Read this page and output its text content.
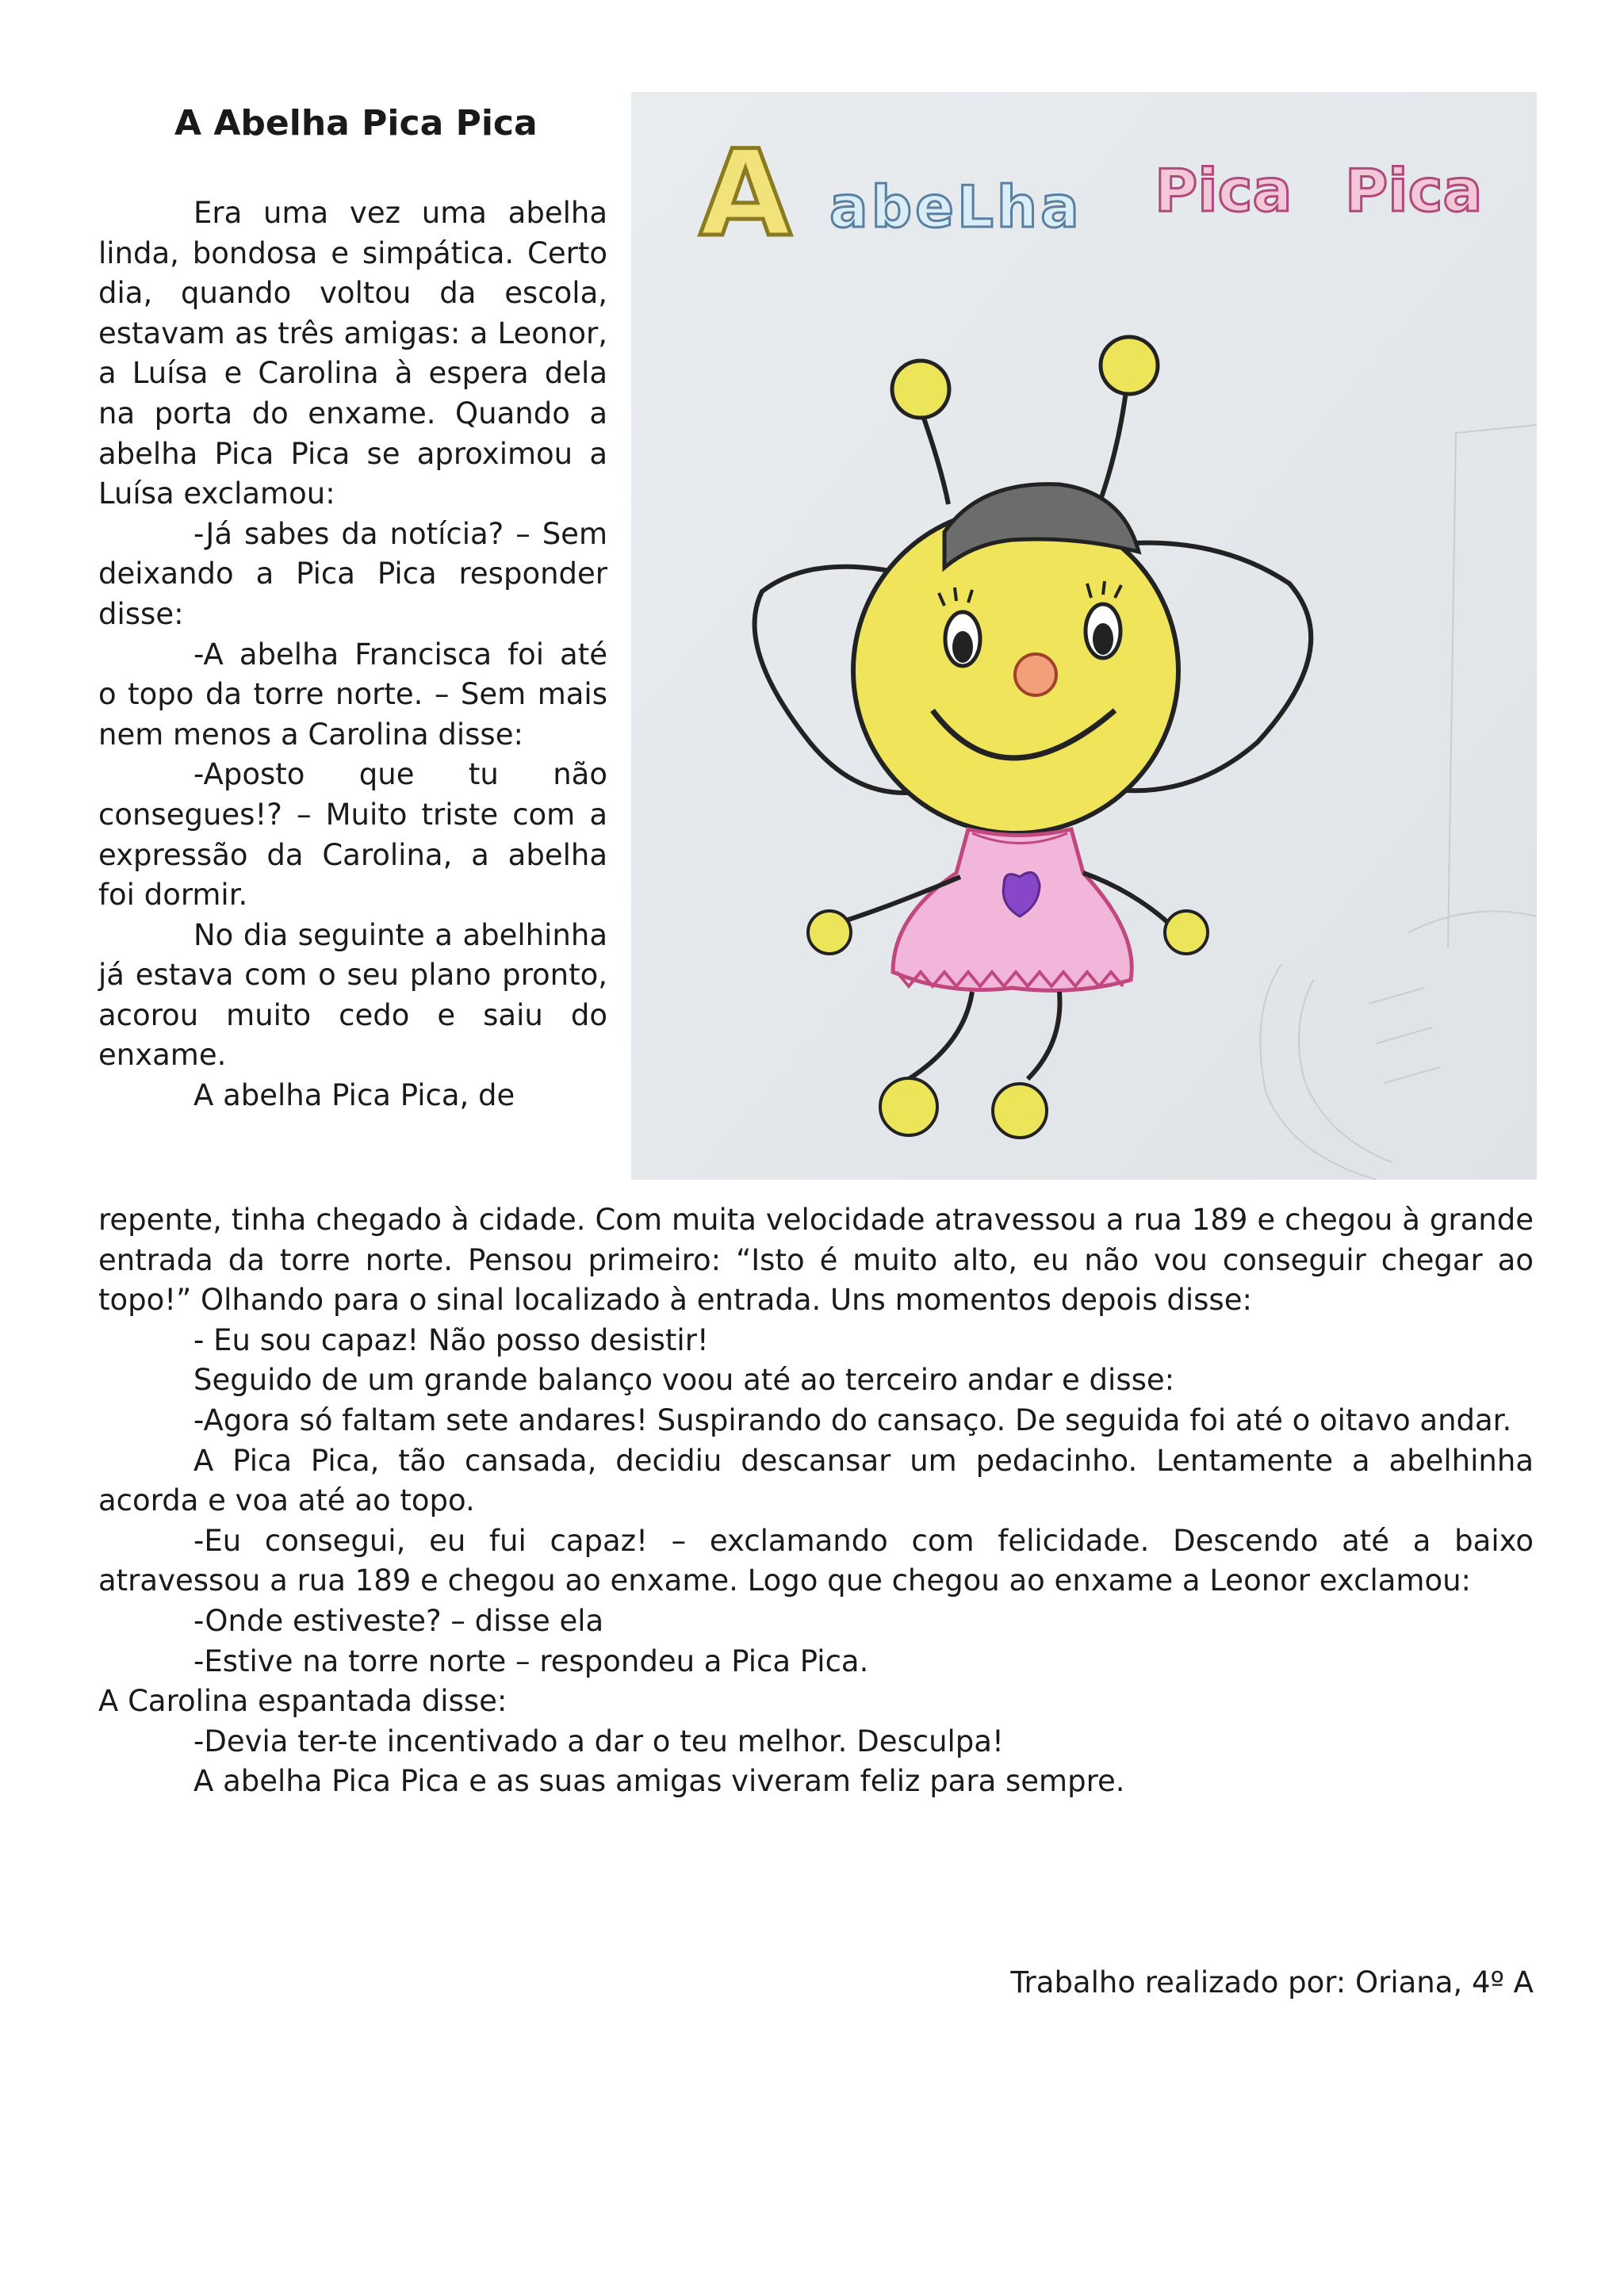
A Abelha Pica Pica
A abeLha Pica Pica

Era uma vez uma abelha linda, bondosa e simpática. Certo dia, quando voltou da escola, estavam as três amigas: a Leonor, a Luísa e Carolina à espera dela na porta do enxame. Quando a abelha Pica Pica se aproximou a Luísa exclamou:

-Já sabes da notícia? – Sem deixando a Pica Pica responder disse:

-A abelha Francisca foi até o topo da torre norte. – Sem mais nem menos a Carolina disse:

-Aposto que tu não consegues!? – Muito triste com a expressão da Carolina, a abelha foi dormir.

No dia seguinte a abelhinha já estava com o seu plano pronto, acorou muito cedo e saiu do enxame.

A abelha Pica Pica, de

repente, tinha chegado à cidade. Com muita velocidade atravessou a rua 189 e chegou à grande entrada da torre norte. Pensou primeiro: “Isto é muito alto, eu não vou conseguir chegar ao topo!” Olhando para o sinal localizado à entrada. Uns momentos depois disse:

- Eu sou capaz! Não posso desistir!

Seguido de um grande balanço voou até ao terceiro andar e disse:

-Agora só faltam sete andares! Suspirando do cansaço. De seguida foi até o oitavo andar.

A Pica Pica, tão cansada, decidiu descansar um pedacinho. Lentamente a abelhinha acorda e voa até ao topo.

-Eu consegui, eu fui capaz! – exclamando com felicidade. Descendo até a baixo atravessou a rua 189 e chegou ao enxame. Logo que chegou ao enxame a Leonor exclamou:

-Onde estiveste? – disse ela

-Estive na torre norte – respondeu a Pica Pica.

A Carolina espantada disse:

-Devia ter-te incentivado a dar o teu melhor. Desculpa!

A abelha Pica Pica e as suas amigas viveram feliz para sempre.

Trabalho realizado por: Oriana, 4º A
